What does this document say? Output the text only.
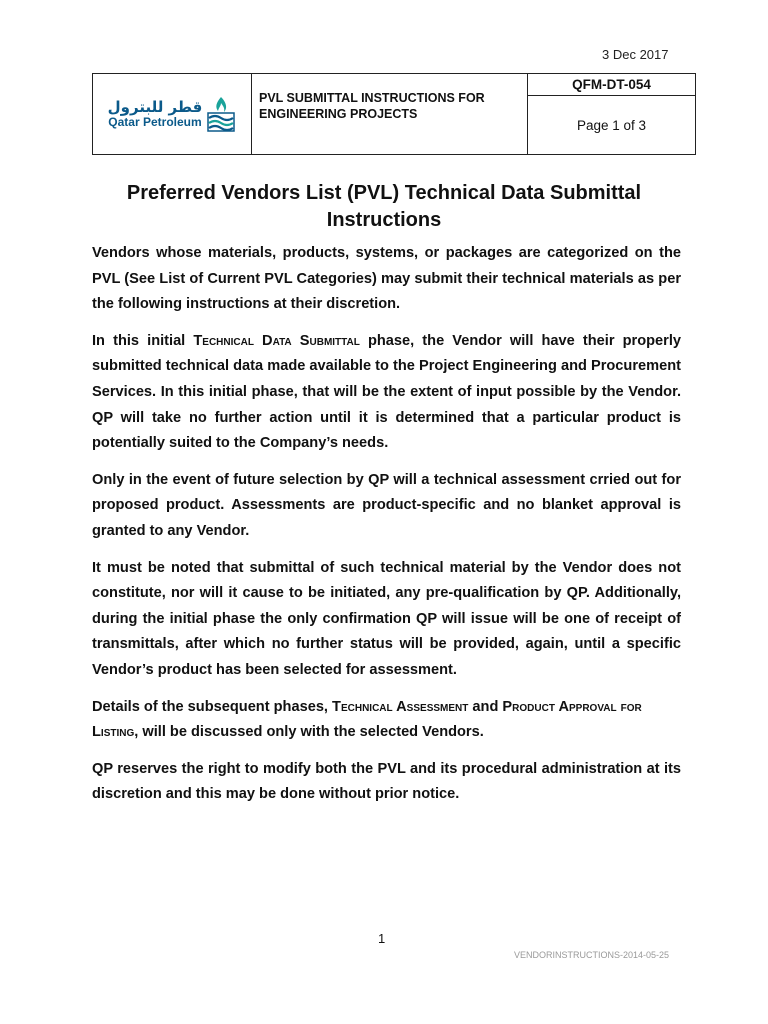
3 Dec 2017
قطر للبترول
Qatar Petroleum
PVL SUBMITTAL INSTRUCTIONS FOR
ENGINEERING PROJECTS
QFM-DT-054
Page 1 of 3
Preferred Vendors List (PVL) Technical Data Submittal
Instructions

Vendors whose materials, products, systems, or packages are categorized on the PVL (See List of Current PVL Categories) may submit their technical materials as per the following instructions at their discretion.

In this initial Technical Data Submittal phase, the Vendor will have their properly submitted technical data made available to the Project Engineering and Procurement Services. In this initial phase, that will be the extent of input possible by the Vendor. QP will take no further action until it is determined that a particular product is potentially suited to the Company’s needs.

Only in the event of future selection by QP will a technical assessment crried out for proposed product. Assessments are product-specific and no blanket approval is granted to any Vendor.

It must be noted that submittal of such technical material by the Vendor does not constitute, nor will it cause to be initiated, any pre-qualification by QP. Additionally, during the initial phase the only confirmation QP will issue will be one of receipt of transmittals, after which no further status will be provided, again, until a specific Vendor’s product has been selected for assessment.

Details of the subsequent phases, Technical Assessment and Product Approval for Listing, will be discussed only with the selected Vendors.

QP reserves the right to modify both the PVL and its procedural administration at its discretion and this may be done without prior notice.

1
VENDORINSTRUCTIONS-2014-05-25
